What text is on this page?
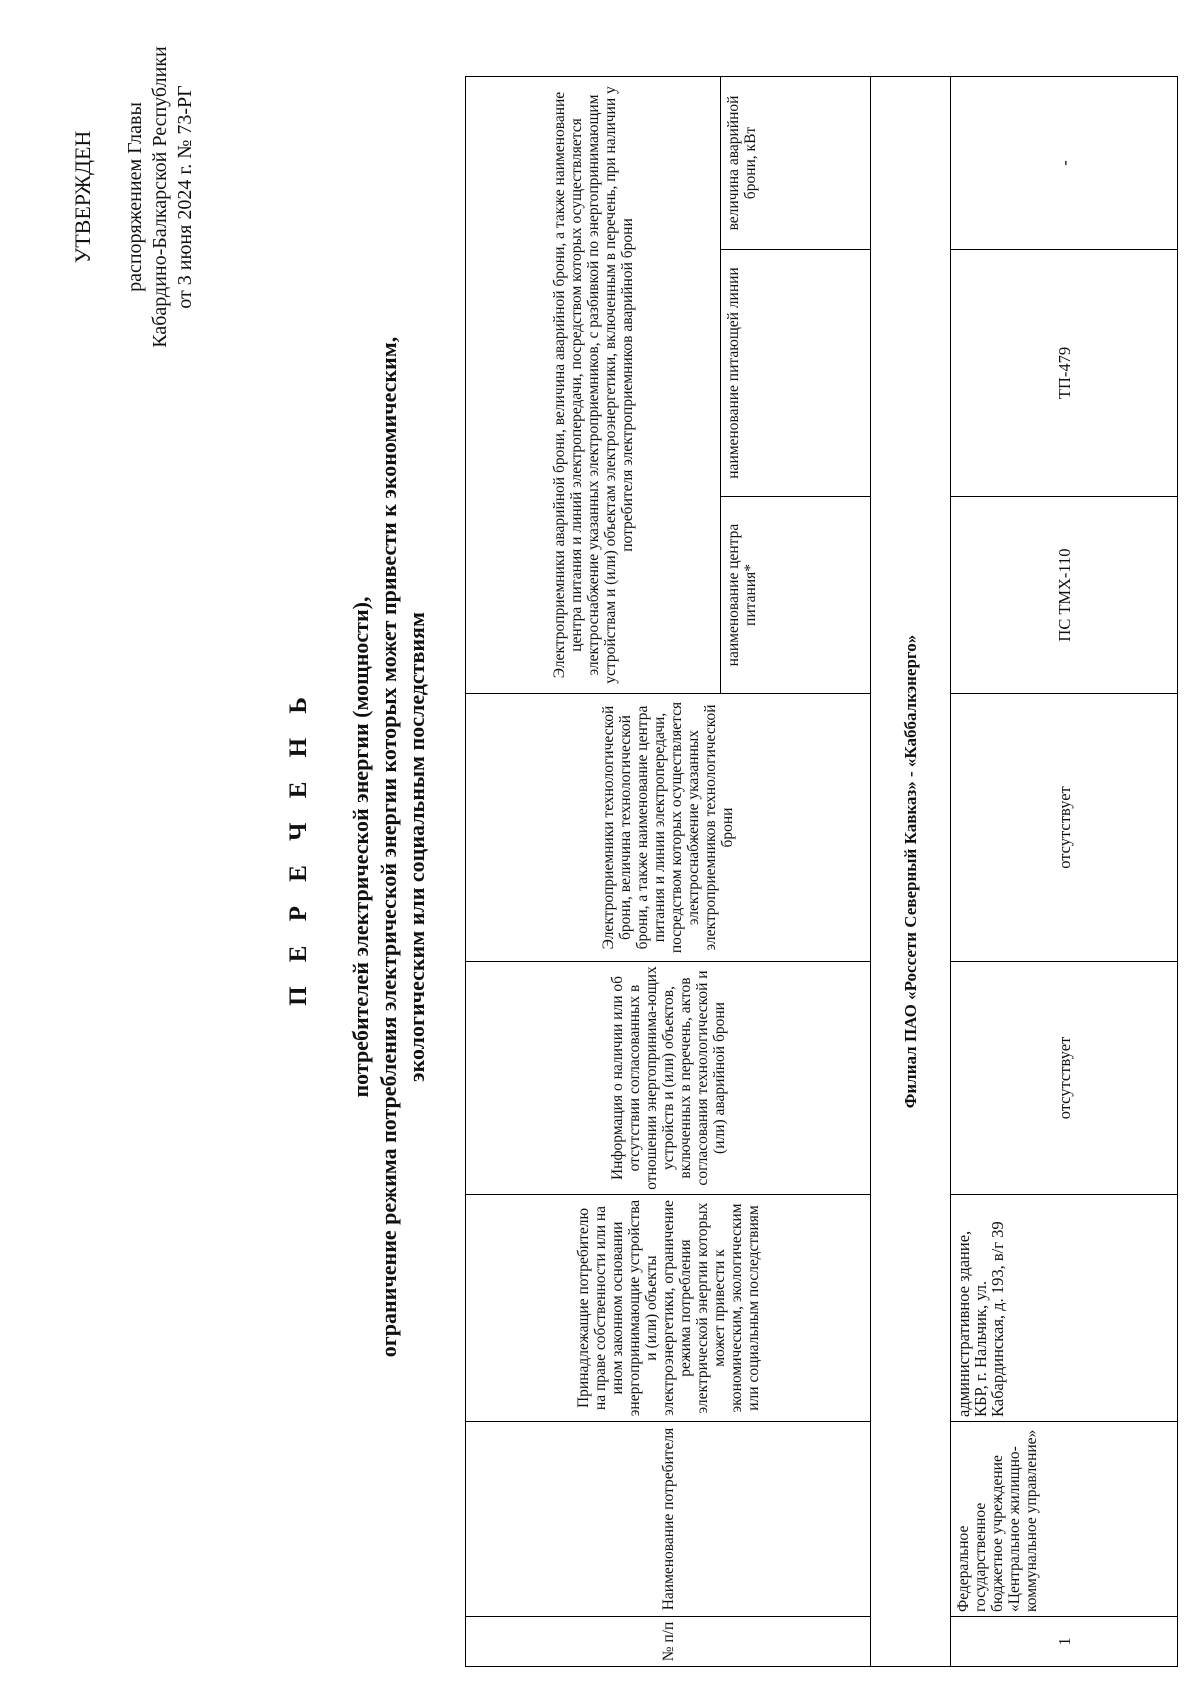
УТВЕРЖДЕН распоряжением Главы Кабардино-Балкарской Республики от 3 июня 2024 г. № 73-РГ
П Е Р Е Ч Е Н Ь потребителей электрической энергии (мощности), ограничение режима потребления электрической энергии которых может привести к экономическим, экологическим или социальным последствиям
№ п/п
Наименование потребителя
Принадлежащие потребителю на праве собственности или на ином законном основании энергопринимающие устройства и (или) объекты электроэнергетики, ограничение режима потребления электрической энергии которых может привести к экономическим, экологическим или социальным последствиям
Информация о наличии или об отсутствии согласованных в отношении энергопринима-ющих устройств и (или) объектов, включенных в перечень, актов согласования технологической и (или) аварийной брони
Электроприемники технологической брони, величина технологической брони, а также наименование центра питания и линии электропередачи, посредством которых осуществляется электроснабжение указанных электроприемников технологической брони
Электроприемники аварийной брони, величина аварийной брони, а также наименование центра питания и линий электропередачи, посредством которых осуществляется электроснабжение указанных электроприемников, с разбивкой по энергопринимающим устройствам и (или) объектам электроэнергетики, включенным в перечень, при наличии у потребителя электроприемников аварийной брони
наименование центра питания*
наименование питающей линии
величина аварийной брони, кВт
Филиал ПАО «Россети Северный Кавказ» - «Каббалкэнерго»
1
Федеральное государственное бюджетное учреждение «Центральное жилищно-коммунальное управление»
административное здание, КБР, г. Нальчик, ул. Кабардинская, д. 193, в/г 39
отсутствует
отсутствует
ПС ТМХ-110
ТП-479
-
